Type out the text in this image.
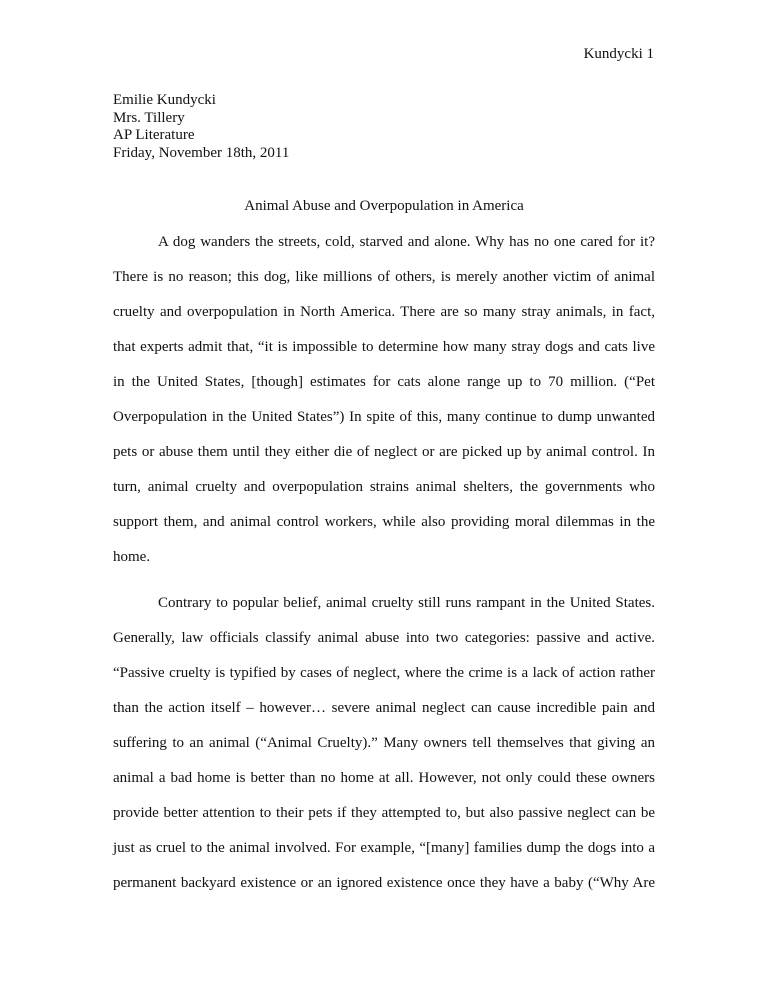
Kundycki 1
Emilie Kundycki
Mrs. Tillery
AP Literature
Friday, November 18th, 2011
Animal Abuse and Overpopulation in America
A dog wanders the streets, cold, starved and alone. Why has no one cared for it?
There is no reason; this dog, like millions of others, is merely another victim of animal
cruelty and overpopulation in North America. There are so many stray animals, in fact,
that experts admit that, “it is impossible to determine how many stray dogs and cats live
in the United States, [though] estimates for cats alone range up to 70 million. (“Pet
Overpopulation in the United States”) In spite of this, many continue to dump unwanted
pets or abuse them until they either die of neglect or are picked up by animal control. In
turn, animal cruelty and overpopulation strains animal shelters, the governments who
support them, and animal control workers, while also providing moral dilemmas in the
home.
Contrary to popular belief, animal cruelty still runs rampant in the United States.
Generally, law officials classify animal abuse into two categories: passive and active.
“Passive cruelty is typified by cases of neglect, where the crime is a lack of action rather
than the action itself – however… severe animal neglect can cause incredible pain and
suffering to an animal (“Animal Cruelty).” Many owners tell themselves that giving an
animal a bad home is better than no home at all. However, not only could these owners
provide better attention to their pets if they attempted to, but also passive neglect can be
just as cruel to the animal involved. For example, “[many] families dump the dogs into a
permanent backyard existence or an ignored existence once they have a baby (“Why Are
